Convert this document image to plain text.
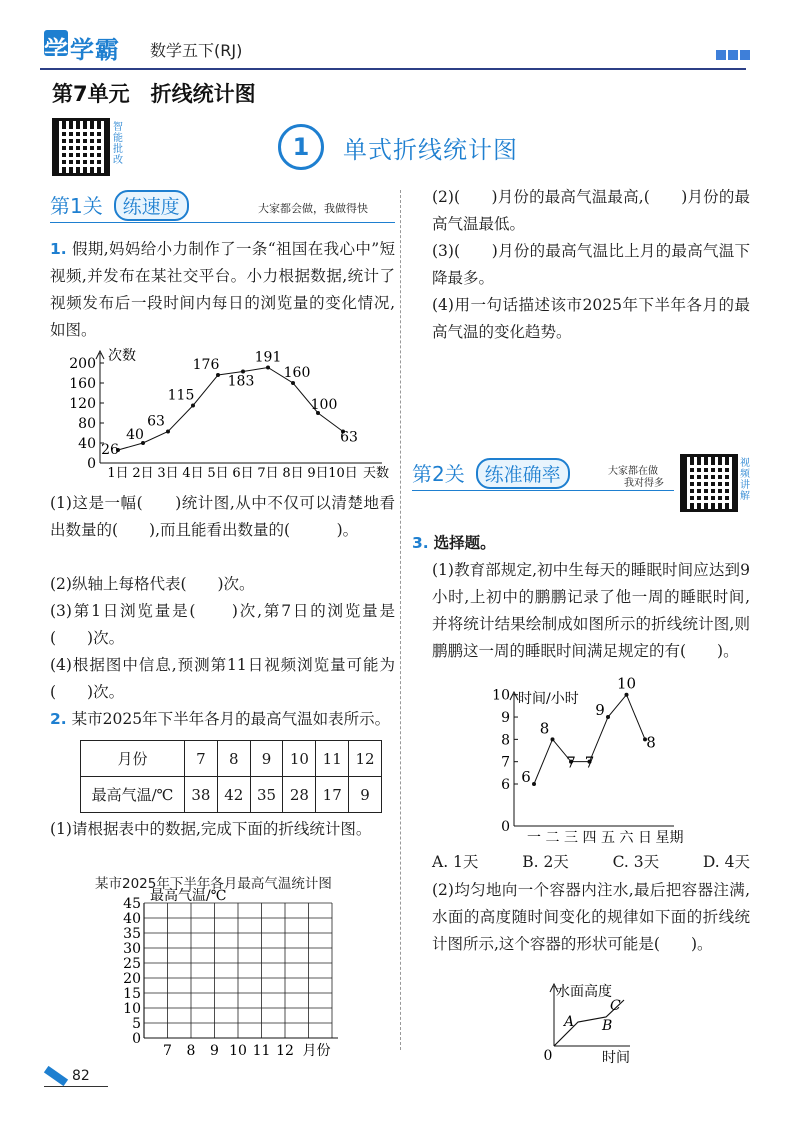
学学霸 数学五下(RJ)
第7单元　折线统计图
智能批改	1	单式折线统计图
第1关 练速度	大家都会做，我做得快
1. 假期,妈妈给小力制作了一条“祖国在我心中”短视频,并发布在某社交平台。小力根据数据,统计了视频发布后一段时间内每日的浏览量的变化情况,如图。
次数
0
40
80
120
160
200
1日 2日 3日 4日 5日 6日 7日 8日 9日 10日 天数
26
40
63
115
176
183
191
160
100
63
(1)这是一幅(　　)统计图,从中不仅可以清楚地看出数量的(　　),而且能看出数量的(　　　)。
(2)纵轴上每格代表(　　)次。
(3)第1日浏览量是(　　)次,第7日的浏览量是(　　)次。
(4)根据图中信息,预测第11日视频浏览量可能为(　　)次。
2. 某市2025年下半年各月的最高气温如表所示。
月份	7	8	9	10	11	12
最高气温/℃	38	42	35	28	17	9
(1)请根据表中的数据,完成下面的折线统计图。
某市2025年下半年各月最高气温统计图
最高气温/℃
0
5
10
15
20
25
30
35
40
45
7 8 9 10 11 12 月份
(2)(　　)月份的最高气温最高,(　　)月份的最高气温最低。
(3)(　　)月份的最高气温比上月的最高气温下降最多。
(4)用一句话描述该市2025年下半年各月的最高气温的变化趋势。
第2关 练准确率	大家都在做
我对得多
视频讲解
3. 选择题。
(1)教育部规定,初中生每天的睡眠时间应达到9小时,上初中的鹏鹏记录了他一周的睡眠时间,并将统计结果绘制成如图所示的折线统计图,则鹏鹏这一周的睡眠时间满足规定的有(　　)。
时间/小时
0
6
7
8
9
10
一 二 三 四 五 六 日 星期
6
8
7 7
9
10
8
A. 1天	B. 2天	C. 3天	D. 4天
(2)均匀地向一个容器内注水,最后把容器注满,水面的高度随时间变化的规律如下面的折线统计图所示,这个容器的形状可能是(　　)。
水面高度
0	时间
A B
C
82
